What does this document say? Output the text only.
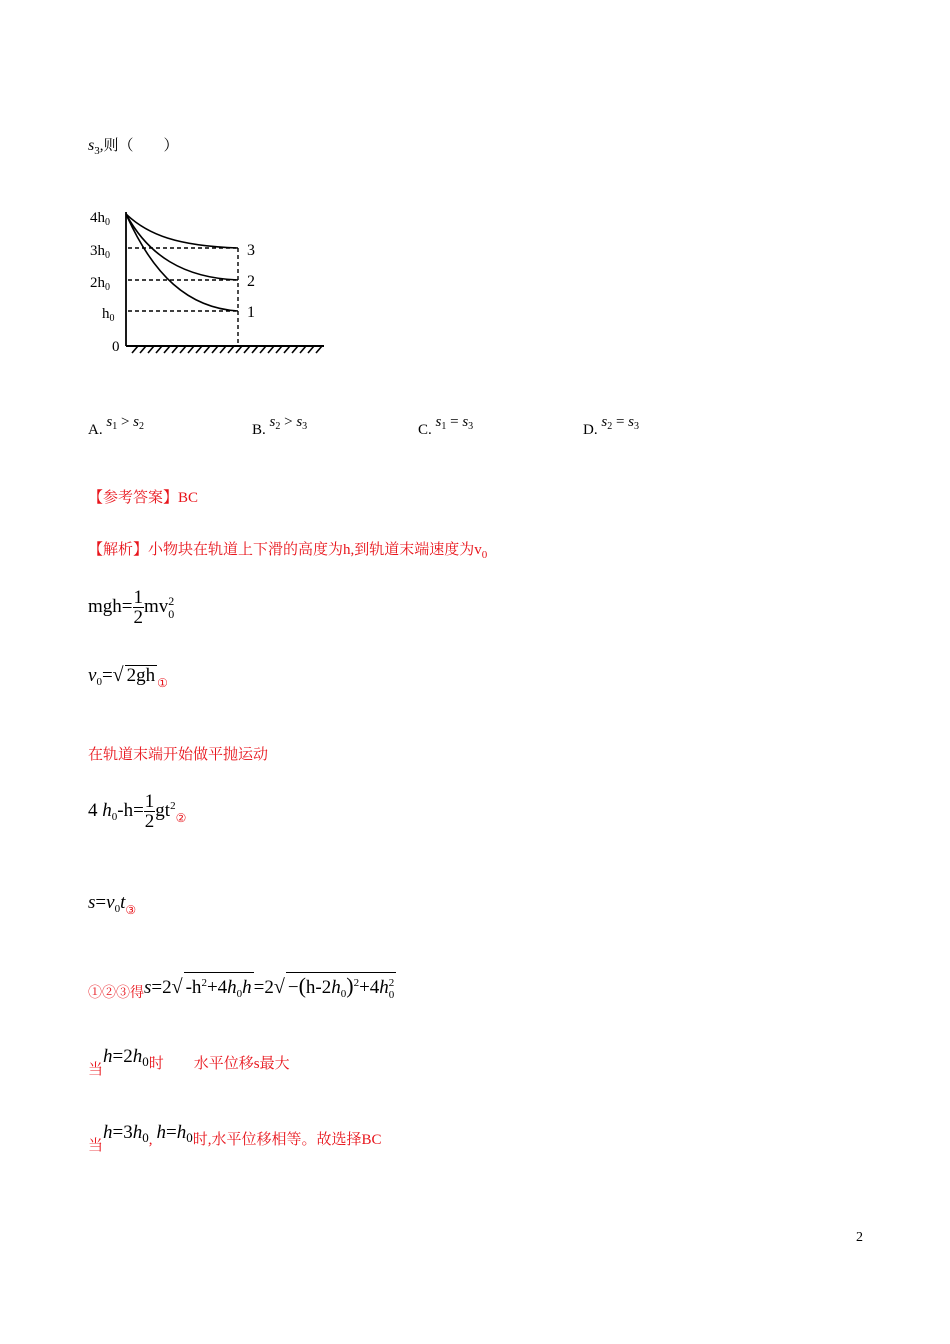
$s_3$,则（　　）
$4h_0$
$3h_0$
$2h_0$
$h_0$
0
3
2
1
A. $s_1 > s_2$	B. $s_2 > s_3$	C. $s_1 = s_3$	D. $s_2 = s_3$
【参考答案】BC
【解析】小物块在轨道上下滑的高度为h,到轨道末端速度为$v_0$
$mgh= \frac{1}{2}$ mv 2
0
$v_0=√$ 2gh $_①$
在轨道末端开始做平抛运动
4 $h_0-h= \frac{1}{2} gt^2_②$
$s=v_0t_③$
$_{①②③得}$s=2√ $-h^2+4h_0h =2√ -(h-2h_0)^2+4h$ 2
0
当$h=2h_0$时　　水平位移s最大
当$h=3h_0$, $h=h_0$时,水平位移相等。故选择BC
2
